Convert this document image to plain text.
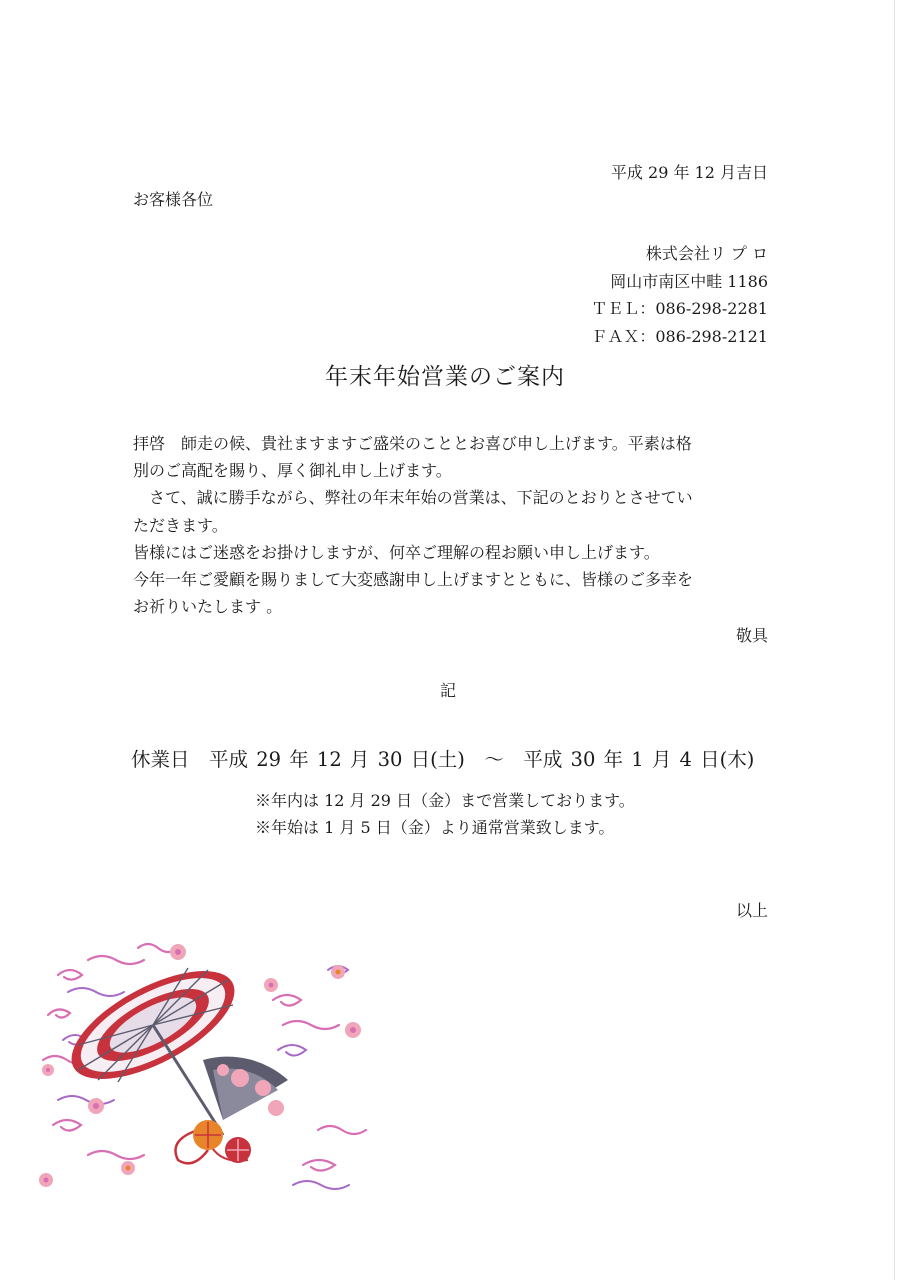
平成 29 年 12 月吉日
お客様各位
株式会社リ プ ロ
岡山市南区中畦 1186
ＴＥＬ：086-298-2281
ＦＡＸ：086-298-2121
年末年始営業のご案内

拝啓　師走の候、貴社ますますご盛栄のこととお喜び申し上げます。平素は格

別のご高配を賜り、厚く御礼申し上げます。

さて、誠に勝手ながら、弊社の年末年始の営業は、下記のとおりとさせてい

ただきます。

皆様にはご迷惑をお掛けしますが、何卒ご理解の程お願い申し上げます。

今年一年ご愛顧を賜りまして大変感謝申し上げますとともに、皆様のご多幸を

お祈りいたします 。

敬具
記
休業日　平成 29 年 12 月 30 日(土)　～　平成 30 年 1 月 4 日(木)
※年内は 12 月 29 日（金）まで営業しております。
※年始は 1 月 5 日（金）より通常営業致します。
以上
